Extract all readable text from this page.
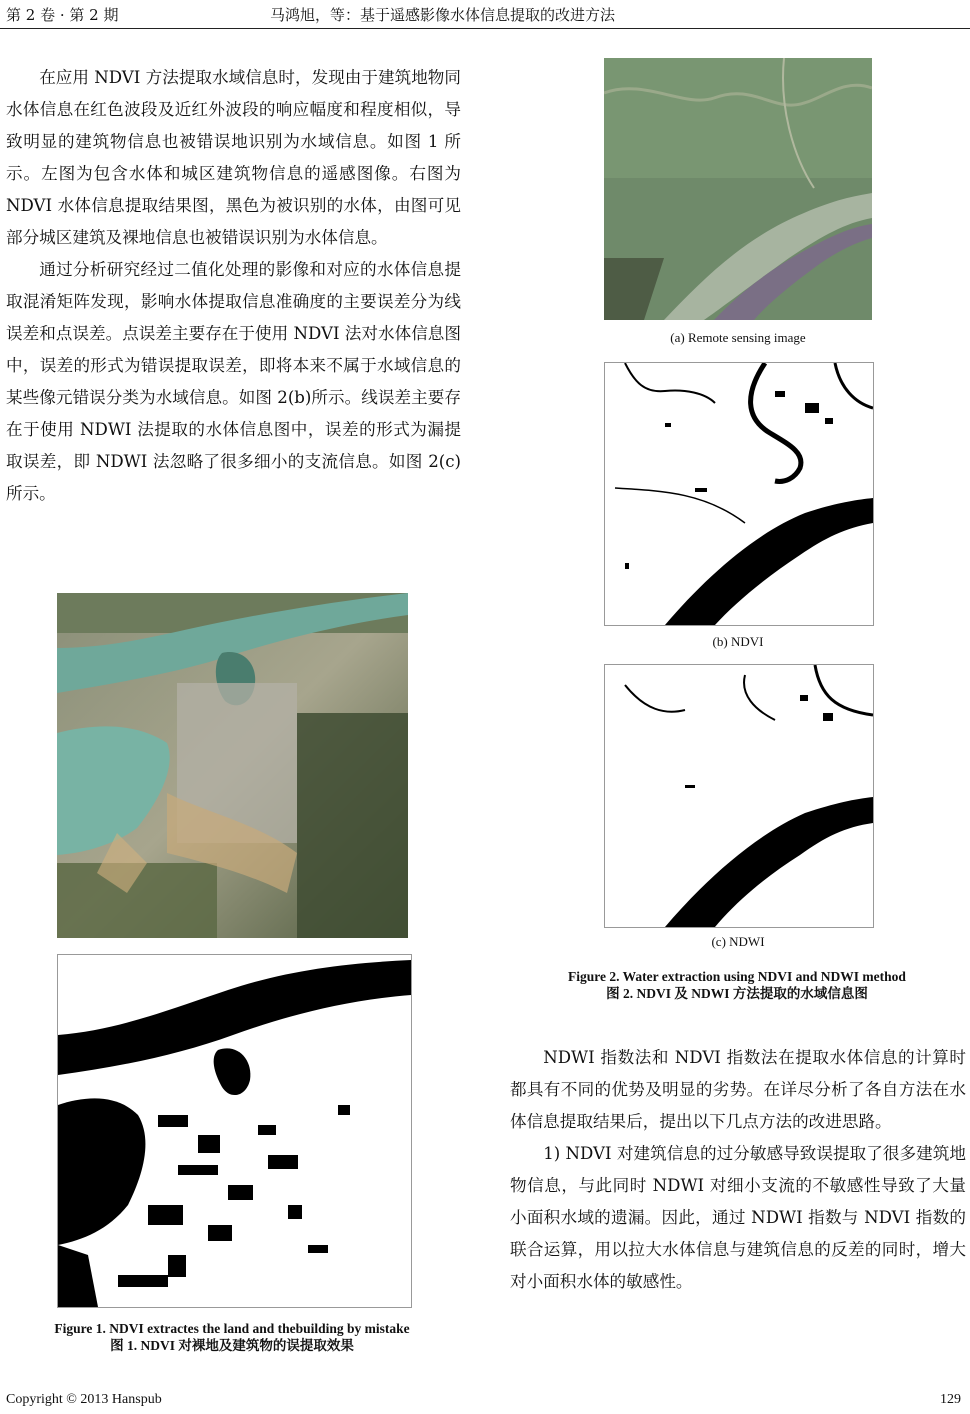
第 2 卷 · 第 2 期	马鸿旭，等：基于遥感影像水体信息提取的改进方法

在应用 NDVI 方法提取水域信息时，发现由于建筑地物同水体信息在红色波段及近红外波段的响应幅度和程度相似，导致明显的建筑物信息也被错误地识别为水域信息。如图 1 所示。左图为包含水体和城区建筑物信息的遥感图像。右图为 NDVI 水体信息提取结果图，黑色为被识别的水体，由图可见部分城区建筑及裸地信息也被错误识别为水体信息。

通过分析研究经过二值化处理的影像和对应的水体信息提取混淆矩阵发现，影响水体提取信息准确度的主要误差分为线误差和点误差。点误差主要存在于使用 NDVI 法对水体信息图中，误差的形式为错误提取误差，即将本来不属于水域信息的某些像元错误分类为水域信息。如图 2(b)所示。线误差主要存在于使用 NDWI 法提取的水体信息图中，误差的形式为漏提取误差，即 NDWI 法忽略了很多细小的支流信息。如图 2(c)所示。

Figure 1. NDVI extractes the land and thebuilding by mistake
图 1. NDVI 对裸地及建筑物的误提取效果
(a) Remote sensing image
(b) NDVI
(c) NDWI
Figure 2. Water extraction using NDVI and NDWI method
图 2. NDVI 及 NDWI 方法提取的水域信息图

NDWI 指数法和 NDVI 指数法在提取水体信息的计算时都具有不同的优势及明显的劣势。在详尽分析了各自方法在水体信息提取结果后，提出以下几点方法的改进思路。

1) NDVI 对建筑信息的过分敏感导致误提取了很多建筑地物信息，与此同时 NDWI 对细小支流的不敏感性导致了大量小面积水域的遗漏。因此，通过 NDWI 指数与 NDVI 指数的联合运算，用以拉大水体信息与建筑信息的反差的同时，增大对小面积水体的敏感性。

Copyright © 2013 Hanspub	129
